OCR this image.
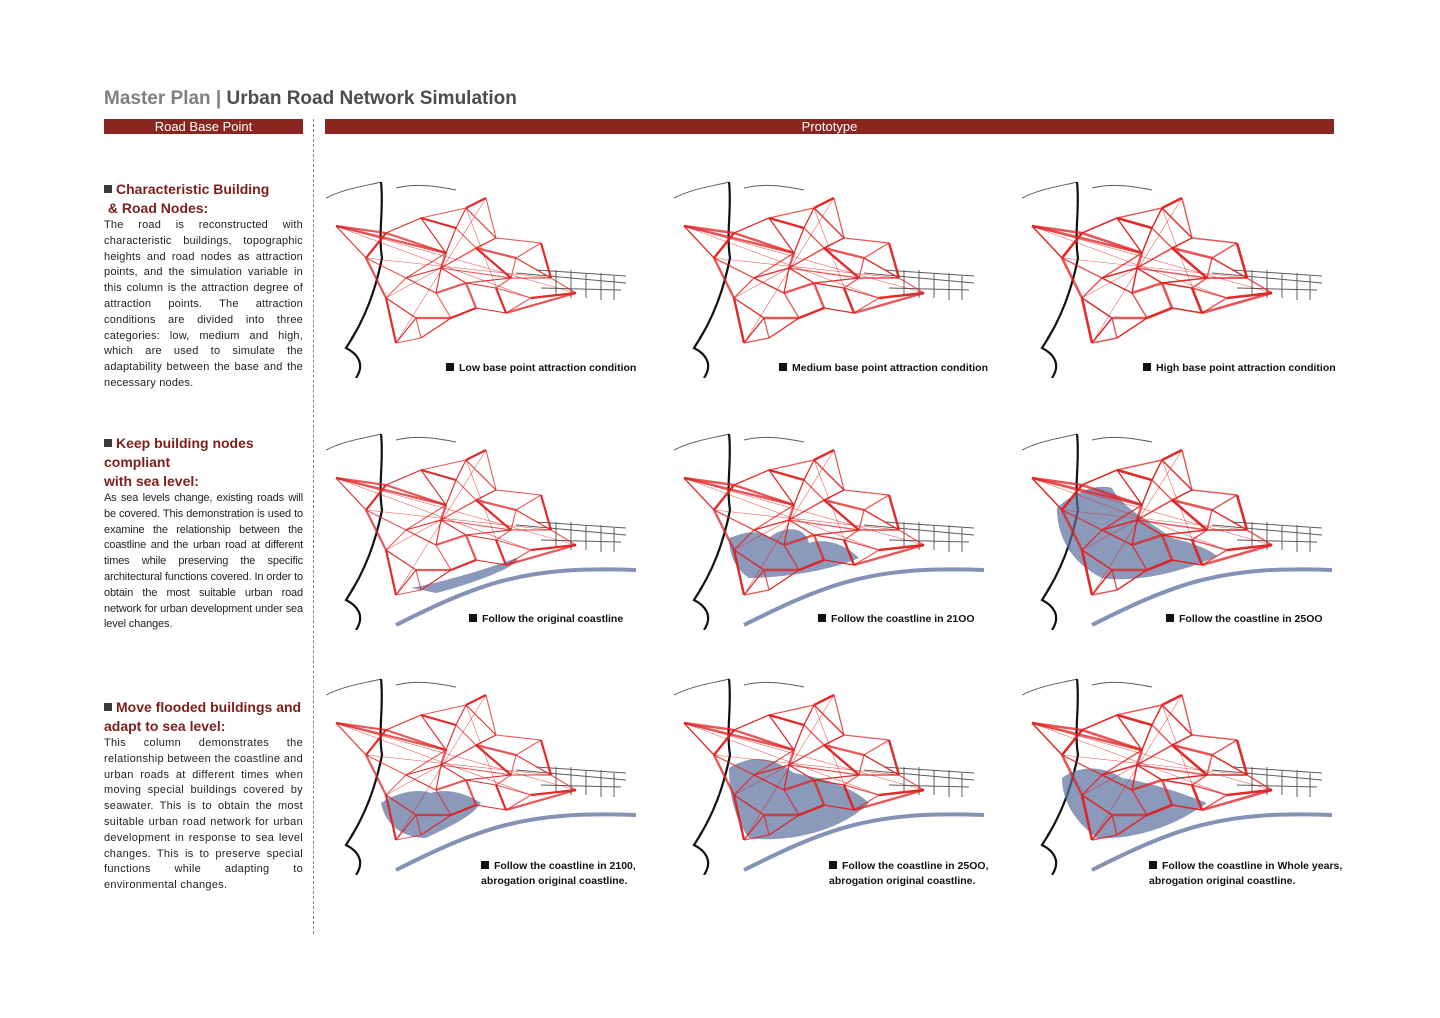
Master Plan | Urban Road Network Simulation
Road Base Point	Prototype
Characteristic Building
& Road Nodes:
The road is reconstructed with characteristic buildings, topographic heights and road nodes as attraction points, and the simulation variable in this column is the attraction degree of attraction points. The attraction conditions are divided into three categories: low, medium and high, which are used to simulate the adaptability between the base and the necessary nodes.
Keep building nodes compliant
with sea level:
As sea levels change, existing roads will be covered. This demonstration is used to examine the relationship between the coastline and the urban road at different times while preserving the specific architectural functions covered. In order to obtain the most suitable urban road network for urban development under sea level changes.
Move flooded buildings and
adapt to sea level:
This column demonstrates the relationship between the coastline and urban roads at different times when moving special buildings covered by seawater. This is to obtain the most suitable urban road network for urban development in response to sea level changes. This is to preserve special functions while adapting to environmental changes.
Low base point attraction condition	Medium base point attraction condition	High base point attraction condition
Follow the original coastline	Follow the coastline in 21OO	Follow the coastline in 25OO
Follow the coastline in 2100,
abrogation original coastline.
Follow the coastline in 25OO,
abrogation original coastline.
Follow the coastline in Whole years,
abrogation original coastline.
